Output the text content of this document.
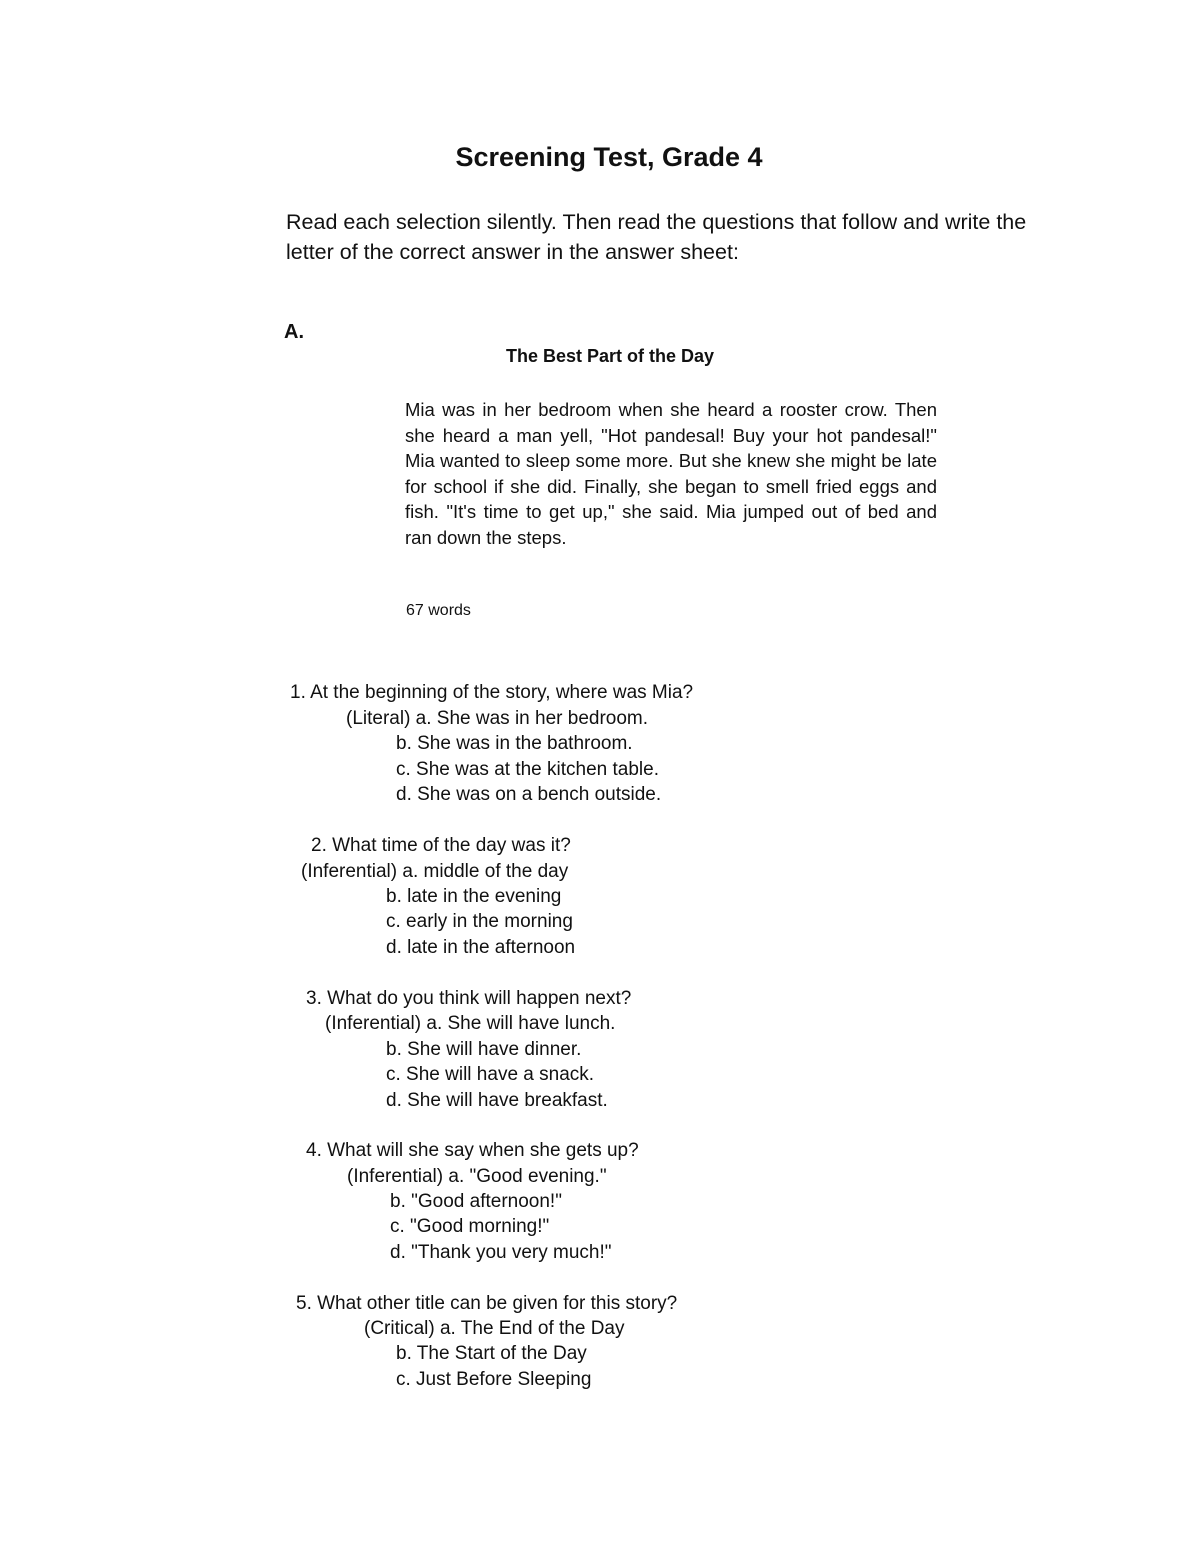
Screening Test, Grade 4
Read each selection silently. Then read the questions that follow and write the letter of the correct answer in the answer sheet:
A.
The Best Part of the Day
Mia was in her bedroom when she heard a rooster crow. Then she heard a man yell, "Hot pandesal! Buy your hot pandesal!" Mia wanted to sleep some more. But she knew she might be late for school if she did. Finally, she began to smell fried eggs and fish. "It's time to get up," she said. Mia jumped out of bed and ran down the steps.
67 words
1. At the beginning of the story, where was Mia?
(Literal) a. She was in her bedroom.
b. She was in the bathroom.
c. She was at the kitchen table.
d. She was on a bench outside.
2. What time of the day was it?
(Inferential) a. middle of the day
b. late in the evening
c. early in the morning
d. late in the afternoon
3. What do you think will happen next?
(Inferential) a. She will have lunch.
b. She will have dinner.
c. She will have a snack.
d. She will have breakfast.
4. What will she say when she gets up?
(Inferential) a. "Good evening."
b. "Good afternoon!"
c. "Good morning!"
d. "Thank you very much!"
5. What other title can be given for this story?
(Critical) a. The End of the Day
b. The Start of the Day
c. Just Before Sleeping
